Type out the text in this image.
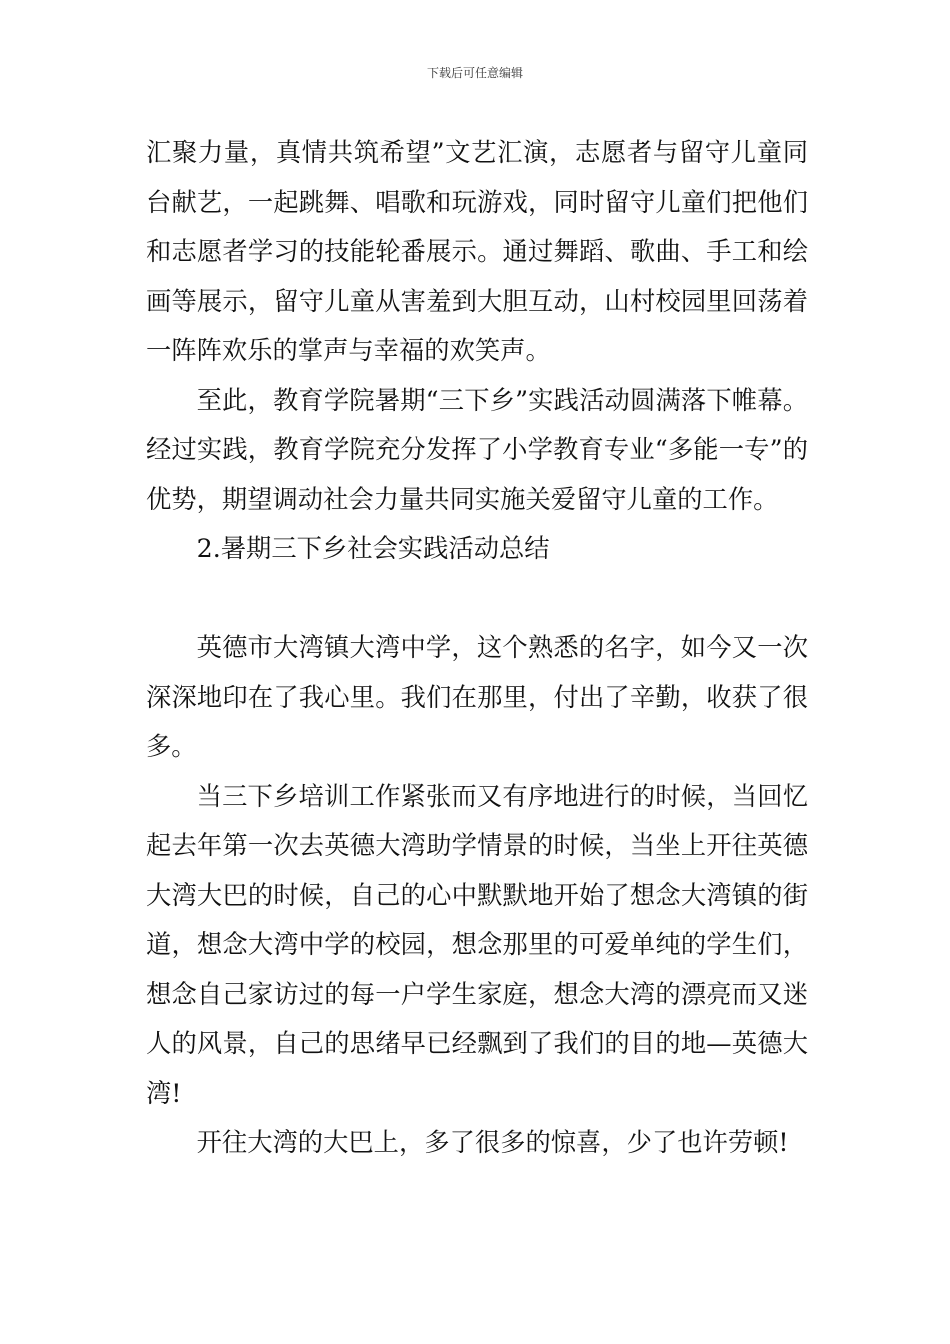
下载后可任意编辑

汇聚力量，真情共筑希望”文艺汇演，志愿者与留守儿童同台献艺，一起跳舞、唱歌和玩游戏，同时留守儿童们把他们和志愿者学习的技能轮番展示。通过舞蹈、歌曲、手工和绘画等展示，留守儿童从害羞到大胆互动，山村校园里回荡着一阵阵欢乐的掌声与幸福的欢笑声。

至此，教育学院暑期“三下乡”实践活动圆满落下帷幕。经过实践，教育学院充分发挥了小学教育专业“多能一专”的优势，期望调动社会力量共同实施关爱留守儿童的工作。

2.暑期三下乡社会实践活动总结

英德市大湾镇大湾中学，这个熟悉的名字，如今又一次深深地印在了我心里。我们在那里，付出了辛勤，收获了很多。

当三下乡培训工作紧张而又有序地进行的时候，当回忆起去年第一次去英德大湾助学情景的时候，当坐上开往英德大湾大巴的时候，自己的心中默默地开始了想念大湾镇的街道，想念大湾中学的校园，想念那里的可爱单纯的学生们，想念自己家访过的每一户学生家庭，想念大湾的漂亮而又迷人的风景，自己的思绪早已经飘到了我们的目的地—英德大湾!

开往大湾的大巴上，多了很多的惊喜，少了也许劳顿!
